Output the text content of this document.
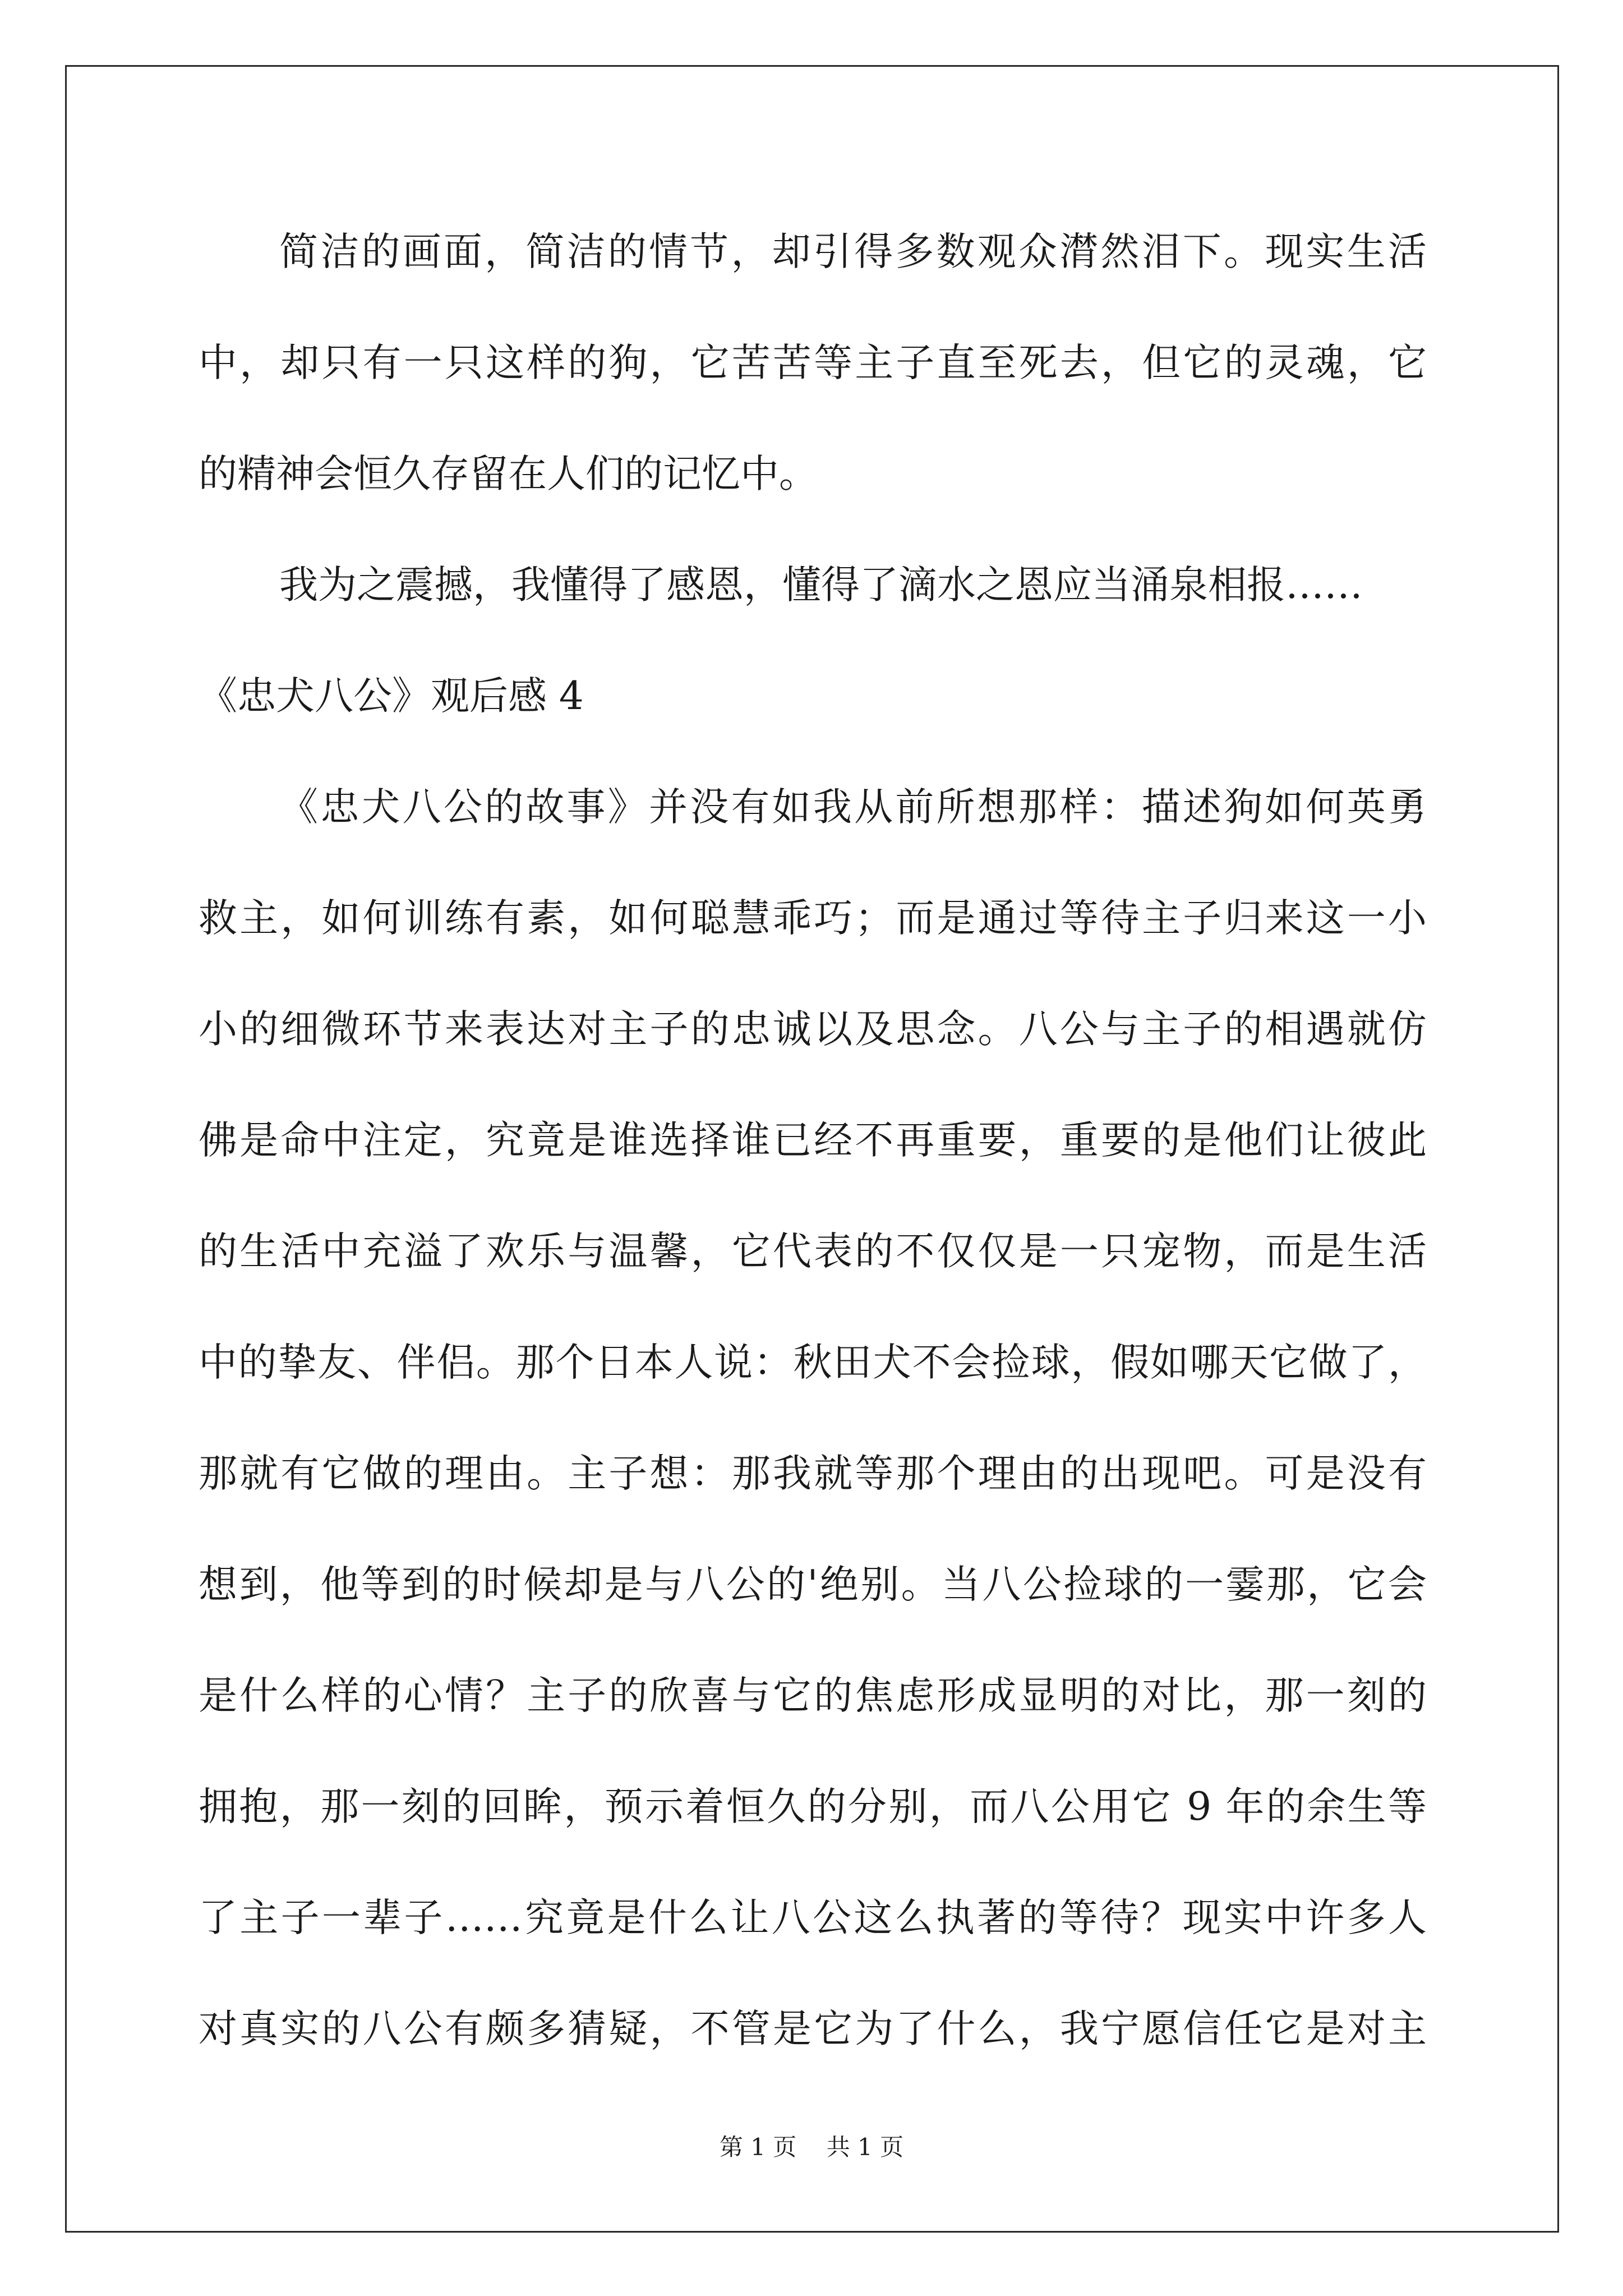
简洁的画面，简洁的情节，却引得多数观众潸然泪下。现实生活
中，却只有一只这样的狗，它苦苦等主子直至死去，但它的灵魂，它
的精神会恒久存留在人们的记忆中。
我为之震撼，我懂得了感恩，懂得了滴水之恩应当涌泉相报……
《忠犬八公》观后感 4
《忠犬八公的故事》并没有如我从前所想那样：描述狗如何英勇
救主，如何训练有素，如何聪慧乖巧；而是通过等待主子归来这一小
小的细微环节来表达对主子的忠诚以及思念。八公与主子的相遇就仿
佛是命中注定，究竟是谁选择谁已经不再重要，重要的是他们让彼此
的生活中充溢了欢乐与温馨，它代表的不仅仅是一只宠物，而是生活
中的挚友、伴侣。那个日本人说：秋田犬不会捡球，假如哪天它做了，
那就有它做的理由。主子想：那我就等那个理由的出现吧。可是没有
想到，他等到的时候却是与八公的'绝别。当八公捡球的一霎那，它会
是什么样的心情？主子的欣喜与它的焦虑形成显明的对比，那一刻的
拥抱，那一刻的回眸，预示着恒久的分别，而八公用它 9 年的余生等
了主子一辈子……究竟是什么让八公这么执著的等待？现实中许多人
对真实的八公有颇多猜疑，不管是它为了什么，我宁愿信任它是对主
第 1 页    共 1 页
